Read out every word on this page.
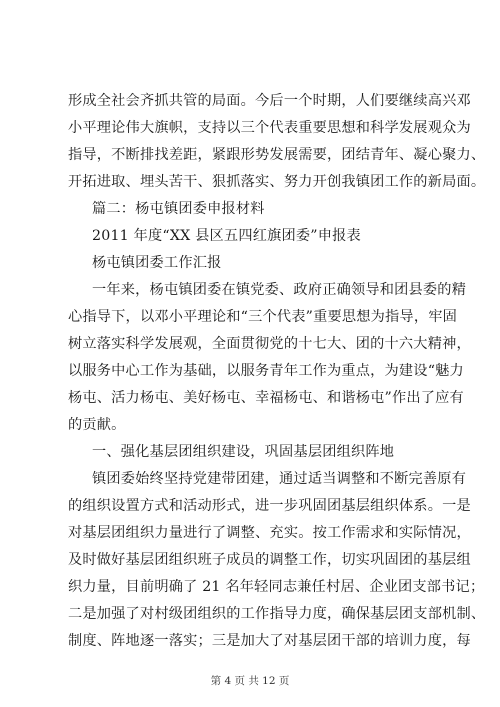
形成全社会齐抓共管的局面。今后一个时期，人们要继续高兴邓
小平理论伟大旗帜，支持以三个代表重要思想和科学发展观众为
指导，不断排找差距，紧跟形势发展需要，团结青年、凝心聚力、
开拓进取、埋头苦干、狠抓落实、努力开创我镇团工作的新局面。
篇二：杨屯镇团委申报材料
2011 年度“XX 县区五四红旗团委”申报表
杨屯镇团委工作汇报
一年来，杨屯镇团委在镇党委、政府正确领导和团县委的精
心指导下，以邓小平理论和“三个代表”重要思想为指导，牢固
树立落实科学发展观，全面贯彻党的十七大、团的十六大精神，
以服务中心工作为基础，以服务青年工作为重点，为建设“魅力
杨屯、活力杨屯、美好杨屯、幸福杨屯、和谐杨屯”作出了应有
的贡献。
一、强化基层团组织建设，巩固基层团组织阵地
镇团委始终坚持党建带团建，通过适当调整和不断完善原有
的组织设置方式和活动形式，进一步巩固团基层组织体系。一是
对基层团组织力量进行了调整、充实。按工作需求和实际情况，
及时做好基层团组织班子成员的调整工作，切实巩固团的基层组
织力量，目前明确了 21 名年轻同志兼任村居、企业团支部书记；
二是加强了对村级团组织的工作指导力度，确保基层团支部机制、
制度、阵地逐一落实；三是加大了对基层团干部的培训力度，每
第 4 页 共 12 页
